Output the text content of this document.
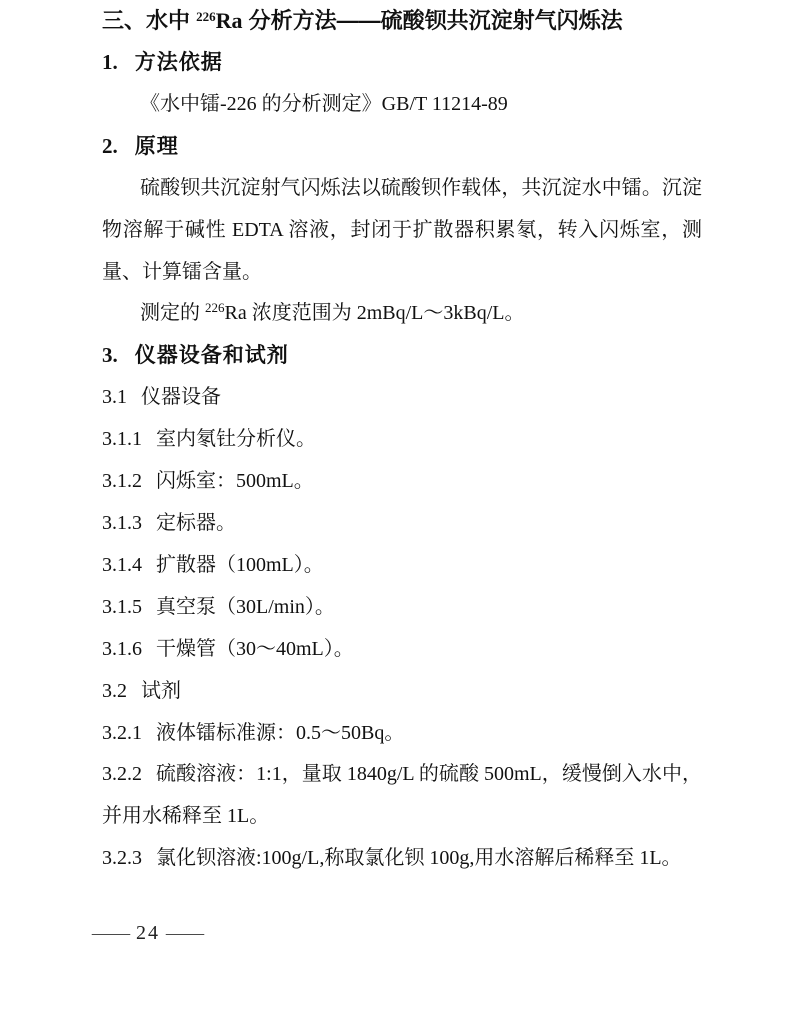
三、水中 $^{226}$Ra 分析方法——硫酸钡共沉淀射气闪烁法
1. 方法依据

《水中镭-226 的分析测定》GB/T 11214-89

2. 原理

硫酸钡共沉淀射气闪烁法以硫酸钡作载体，共沉淀水中镭。沉淀物溶解于碱性 EDTA 溶液，封闭于扩散器积累氡，转入闪烁室，测量、计算镭含量。

测定的 $^{226}$Ra 浓度范围为 2mBq/L～3kBq/L。

3. 仪器设备和试剂
3.1 仪器设备
3.1.1 室内氡钍分析仪。
3.1.2 闪烁室：500mL。
3.1.3 定标器。
3.1.4 扩散器（100mL）。
3.1.5 真空泵（30L/min）。
3.1.6 干燥管（30～40mL）。
3.2 试剂
3.2.1 液体镭标准源：0.5～50Bq。
3.2.2 硫酸溶液：1:1，量取 1840g/L 的硫酸 500mL，缓慢倒入水中，并用水稀释至 1L。
3.2.3 氯化钡溶液:100g/L,称取氯化钡 100g,用水溶解后稀释至 1L。
— 24 —
